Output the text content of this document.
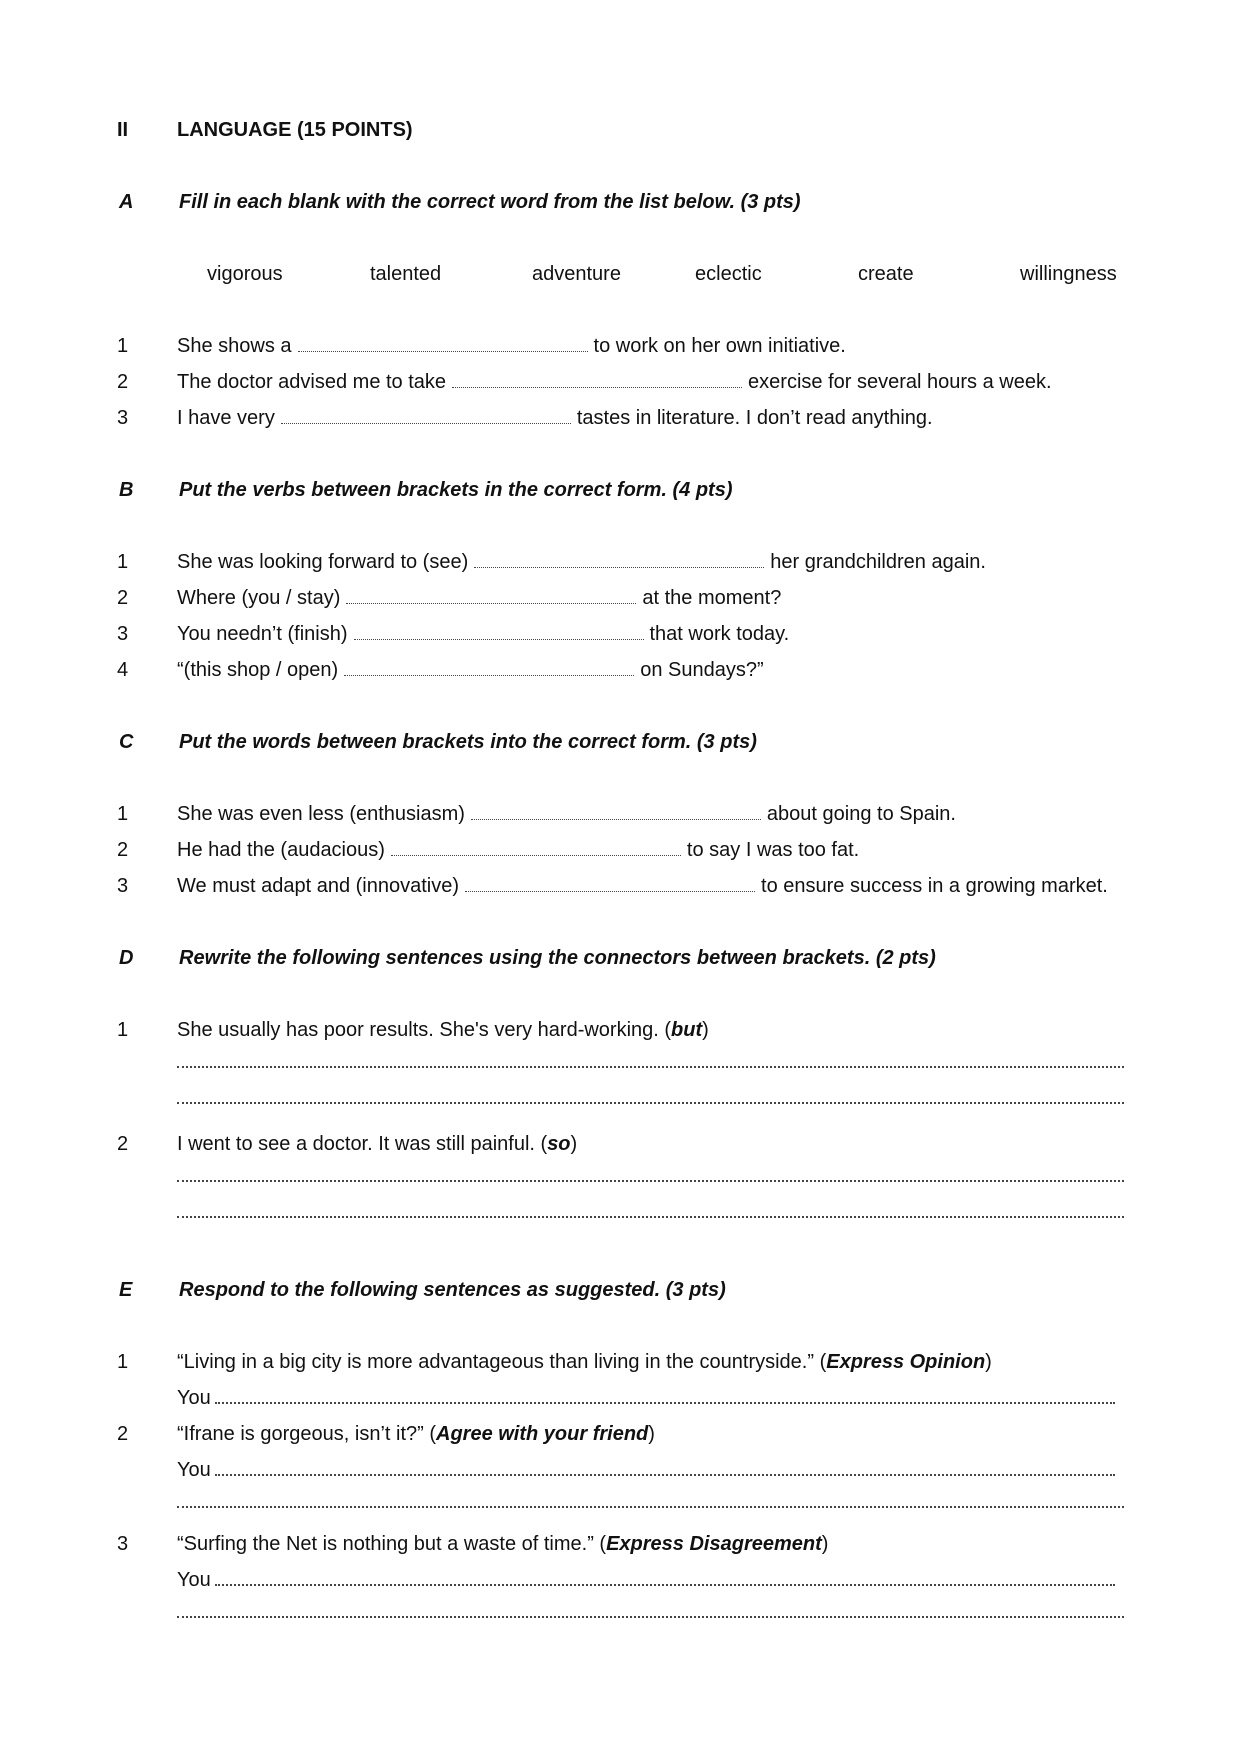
II LANGUAGE (15 POINTS)
A Fill in each blank with the correct word from the list below. (3 pts)
vigorous	talented	adventure	eclectic	create	willingness
1 She shows a	to work on her own initiative.
2 The doctor advised me to take	exercise for several hours a week.
3 I have very	tastes in literature. I don’t read anything.
B Put the verbs between brackets in the correct form. (4 pts)
1 She was looking forward to (see)	her grandchildren again.
2 Where (you / stay)	at the moment?
3 You needn’t (finish)	that work today.
4 “(this shop / open)	on Sundays?”
C Put the words between brackets into the correct form. (3 pts)
1 She was even less (enthusiasm)	about going to Spain.
2 He had the (audacious)	to say I was too fat.
3 We must adapt and (innovative)	to ensure success in a growing market.
D Rewrite the following sentences using the connectors between brackets. (2 pts)
1 She usually has poor results. She's very hard-working. (but)
2 I went to see a doctor. It was still painful. (so)
E Respond to the following sentences as suggested. (3 pts)
1 “Living in a big city is more advantageous than living in the countryside.” (Express Opinion)
You
2 “Ifrane is gorgeous, isn’t it?” (Agree with your friend)
You
3 “Surfing the Net is nothing but a waste of time.” (Express Disagreement)
You
